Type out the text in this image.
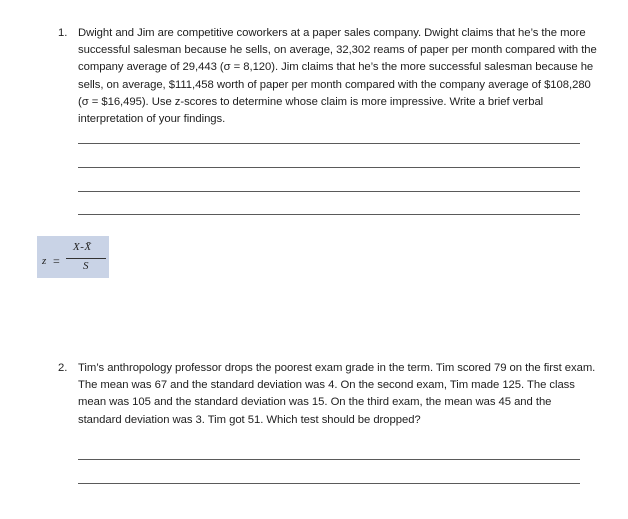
1. Dwight and Jim are competitive coworkers at a paper sales company. Dwight claims that he’s the more successful salesman because he sells, on average, 32,302 reams of paper per month compared with the company average of 29,443 (σ = 8,120). Jim claims that he’s the more successful salesman because he sells, on average, $111,458 worth of paper per month compared with the company average of $108,280 (σ = $16,495). Use z-scores to determine whose claim is more impressive. Write a brief verbal interpretation of your findings.
z =
X-X̄
S
2. Tim’s anthropology professor drops the poorest exam grade in the term. Tim scored 79 on the first exam. The mean was 67 and the standard deviation was 4. On the second exam, Tim made 125. The class mean was 105 and the standard deviation was 15. On the third exam, the mean was 45 and the standard deviation was 3. Tim got 51. Which test should be dropped?
